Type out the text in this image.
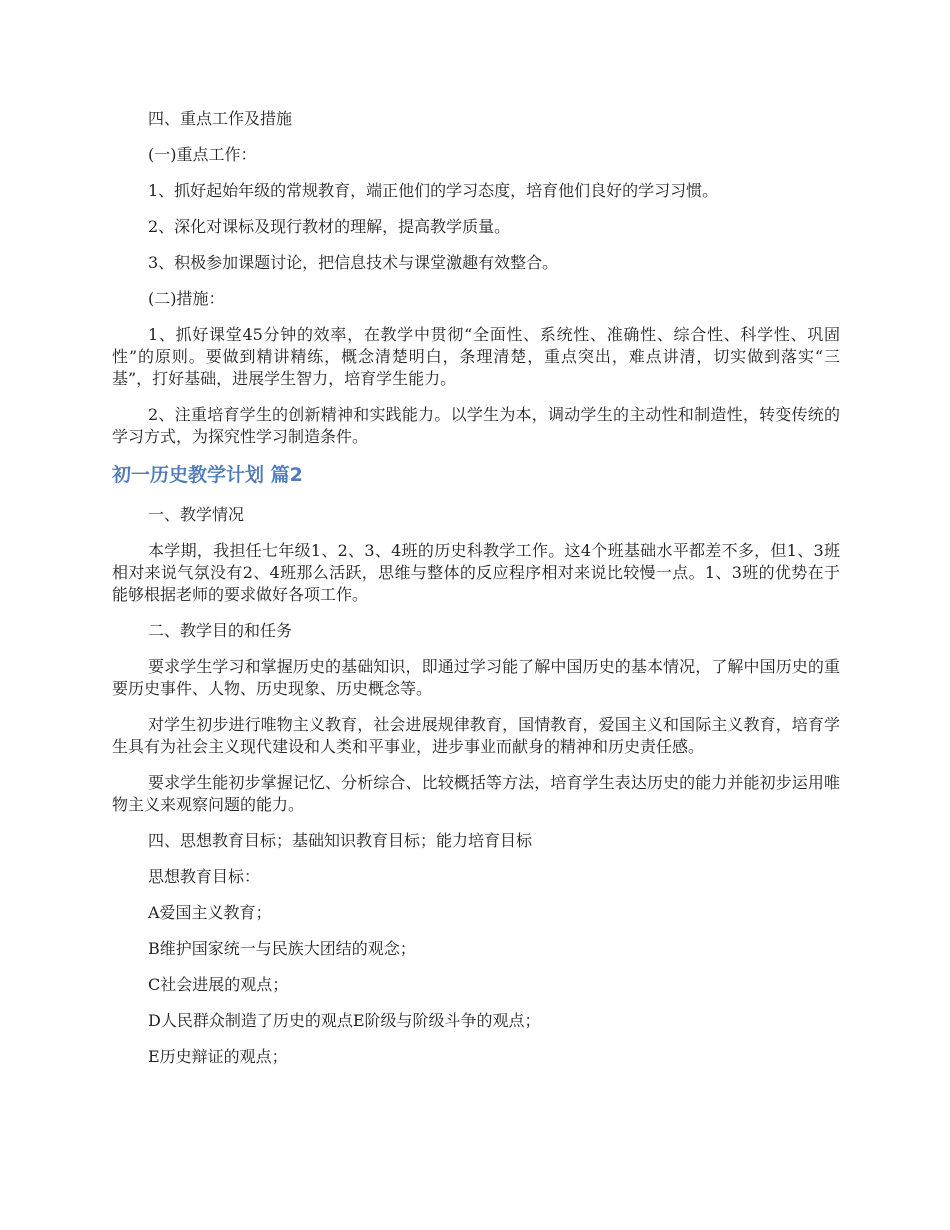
四、重点工作及措施

(一)重点工作：

1、抓好起始年级的常规教育，端正他们的学习态度，培育他们良好的学习习惯。

2、深化对课标及现行教材的理解，提高教学质量。

3、积极参加课题讨论，把信息技术与课堂激趣有效整合。

(二)措施：

1、抓好课堂45分钟的效率，在教学中贯彻“全面性、系统性、准确性、综合性、科学性、巩固性”的原则。要做到精讲精练，概念清楚明白，条理清楚，重点突出，难点讲清，切实做到落实“三基”，打好基础，进展学生智力，培育学生能力。

2、注重培育学生的创新精神和实践能力。以学生为本，调动学生的主动性和制造性，转变传统的学习方式，为探究性学习制造条件。

初一历史教学计划 篇2

一、教学情况

本学期，我担任七年级1、2、3、4班的历史科教学工作。这4个班基础水平都差不多，但1、3班相对来说气氛没有2、4班那么活跃，思维与整体的反应程序相对来说比较慢一点。1、3班的优势在于能够根据老师的要求做好各项工作。

二、教学目的和任务

要求学生学习和掌握历史的基础知识，即通过学习能了解中国历史的基本情况，了解中国历史的重要历史事件、人物、历史现象、历史概念等。

对学生初步进行唯物主义教育，社会进展规律教育，国情教育，爱国主义和国际主义教育，培育学生具有为社会主义现代建设和人类和平事业，进步事业而献身的精神和历史责任感。

要求学生能初步掌握记忆、分析综合、比较概括等方法，培育学生表达历史的能力并能初步运用唯物主义来观察问题的能力。

四、思想教育目标；基础知识教育目标；能力培育目标

思想教育目标：

A爱国主义教育；

B维护国家统一与民族大团结的观念；

C社会进展的观点；

D人民群众制造了历史的观点E阶级与阶级斗争的观点；

E历史辩证的观点；
